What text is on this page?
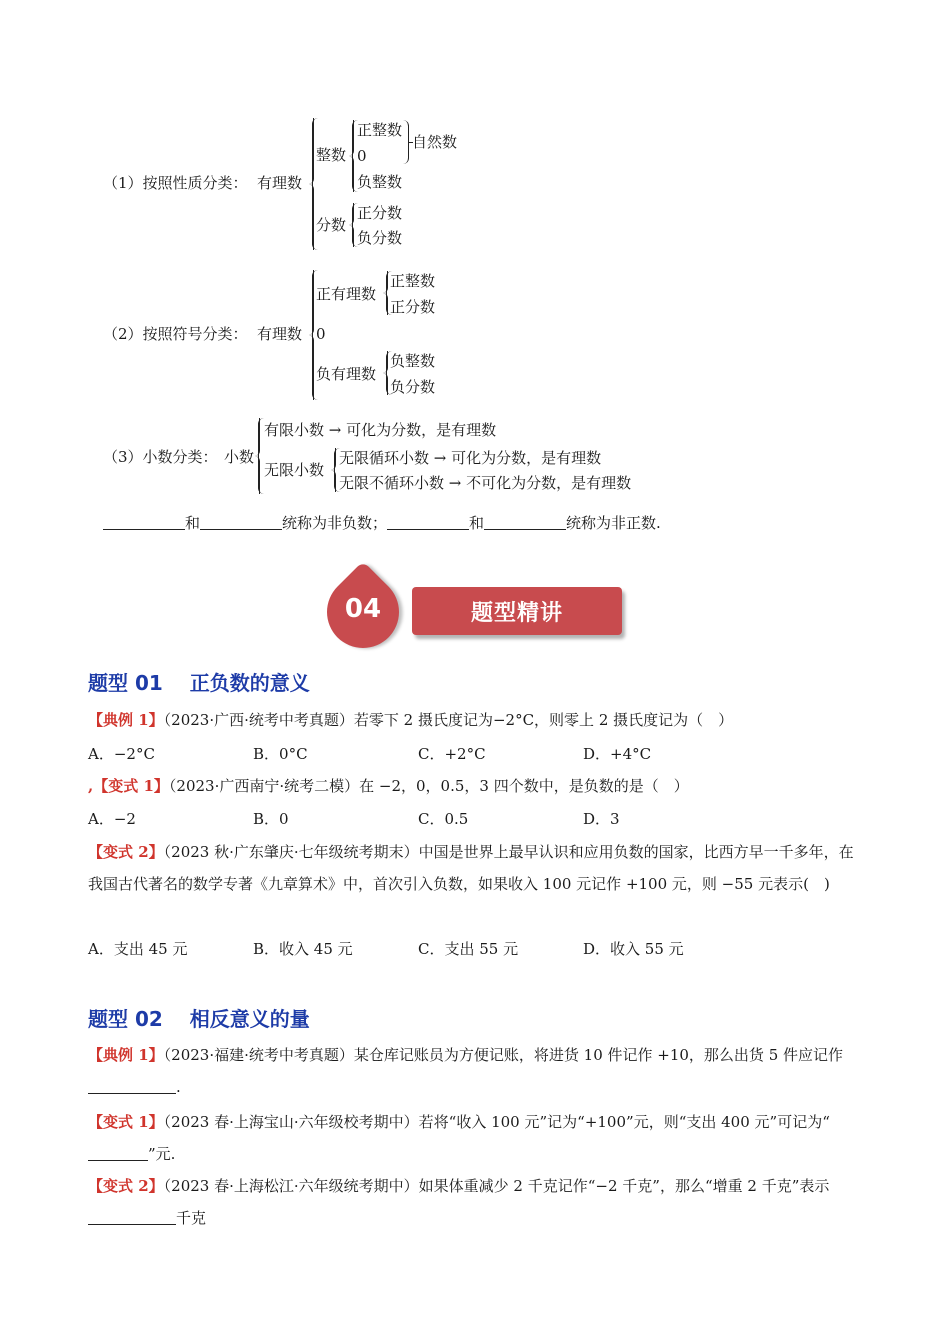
（1）按照性质分类： 有理数
整数
正整数
0
负整数
自然数
分数
正分数
负分数
（2）按照符号分类： 有理数
正有理数
正整数
正分数
0
负有理数
负整数
负分数
（3）小数分类： 小数
有限小数 → 可化为分数，是有理数
无限小数
无限循环小数 → 可化为分数，是有理数
无限不循环小数 → 不可化为分数，是有理数
和	统称为非负数；	和	统称为非正数.
04	题型精讲
题型 01　 正负数的意义
【典例 1】（2023·广西·统考中考真题）若零下 2 摄氏度记为−2°C，则零上 2 摄氏度记为（　）
A．−2°C	B．0°C	C．+2°C	D．+4°C
,【变式 1】（2023·广西南宁·统考二模）在 −2，0，0.5，3 四个数中，是负数的是（　）
A．−2	B．0	C．0.5	D．3
【变式 2】（2023 秋·广东肇庆·七年级统考期末）中国是世界上最早认识和应用负数的国家，比西方早一千多年，在我国古代著名的数学专著《九章算术》中，首次引入负数，如果收入 100 元记作 +100 元，则 −55 元表示(　)
A．支出 45 元	B．收入 45 元	C．支出 55 元	D．收入 55 元
题型 02　 相反意义的量
【典例 1】（2023·福建·统考中考真题）某仓库记账员为方便记账，将进货 10 件记作 +10，那么出货 5 件应记作.
【变式 1】（2023 春·上海宝山·六年级校考期中）若将“收入 100 元”记为“+100”元，则“支出 400 元”可记为“”元.
【变式 2】（2023 春·上海松江·六年级统考期中）如果体重减少 2 千克记作“−2 千克”，那么“增重 2 千克”表示千克
